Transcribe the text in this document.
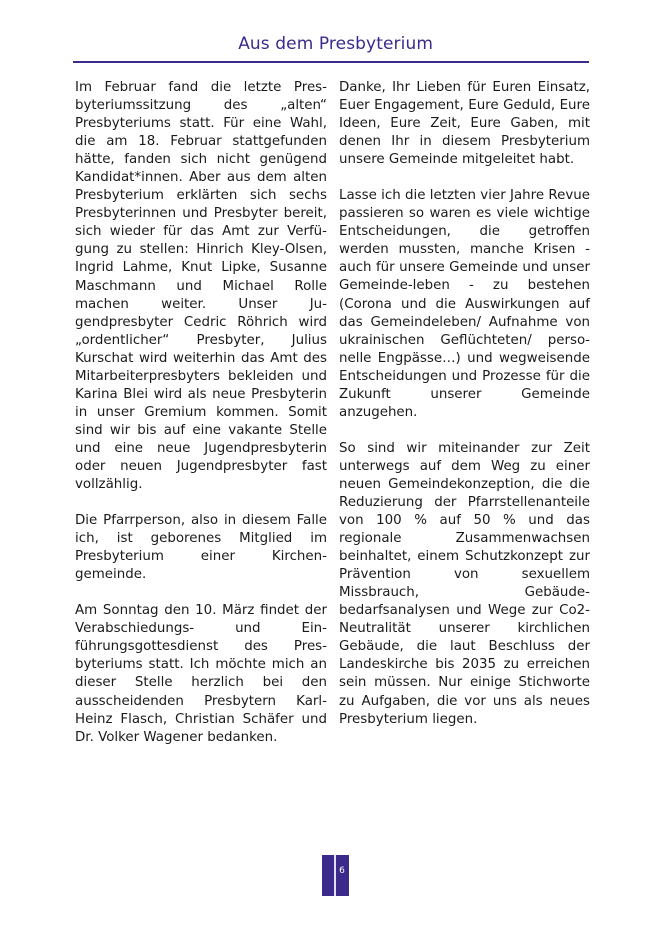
Aus dem Presbyterium

Im Februar fand die letzte Presbyteriumssitzung des „alten“ Presbyteriums statt. Für eine Wahl, die am 18. Februar stattgefunden hätte, fanden sich nicht genügend Kandidat*innen. Aber aus dem alten Presbyterium erklärten sich sechs Presbyterinnen und Presbyter bereit, sich wieder für das Amt zur Verfügung zu stellen: Hinrich Kley-Olsen, Ingrid Lahme, Knut Lipke, Susanne Maschmann und Michael Rolle machen weiter. Unser Jugendpresbyter Cedric Röhrich wird „ordentlicher“ Presbyter, Julius Kurschat wird weiterhin das Amt des Mitarbeiterpresbyters bekleiden und Karina Blei wird als neue Presbyterin in unser Gremium kommen. Somit sind wir bis auf eine vakante Stelle und eine neue Jugendpresbyterin oder neuen Jugendpresbyter fast vollzählig.

Die Pfarrperson, also in diesem Falle ich, ist geborenes Mitglied im Presbyterium einer Kirchengemeinde.

Am Sonntag den 10. März findet der Verabschiedungs- und Einführungsgottesdienst des Presbyteriums statt. Ich möchte mich an dieser Stelle herzlich bei den ausscheidenden Presbytern Karl-Heinz Flasch, Christian Schäfer und Dr. Volker Wagener bedanken.

Danke, Ihr Lieben für Euren Einsatz, Euer Engagement, Eure Geduld, Eure Ideen, Eure Zeit, Eure Gaben, mit denen Ihr in diesem Presbyterium unsere Gemeinde mitgeleitet habt.

Lasse ich die letzten vier Jahre Revue passieren so waren es viele wichtige Entscheidungen, die getroffen werden mussten, manche Krisen - auch für unsere Gemeinde und unser Gemeinde-leben - zu bestehen (Corona und die Auswirkungen auf das Gemeindeleben/ Aufnahme von ukrainischen Geflüchteten/ personelle Engpässe…) und wegweisende Entscheidungen und Prozesse für die Zukunft unserer Gemeinde anzugehen.

So sind wir miteinander zur Zeit unterwegs auf dem Weg zu einer neuen Gemeindekonzeption, die die Reduzierung der Pfarrstellenanteile von 100 % auf 50 % und das regionale Zusammenwachsen beinhaltet, einem Schutzkonzept zur Prävention von sexuellem Missbrauch, Gebäudebedarfsanalysen und Wege zur Co2-Neutralität unserer kirchlichen Gebäude, die laut Beschluss der Landeskirche bis 2035 zu erreichen sein müssen. Nur einige Stichworte zu Aufgaben, die vor uns als neues Presbyterium liegen.

6
